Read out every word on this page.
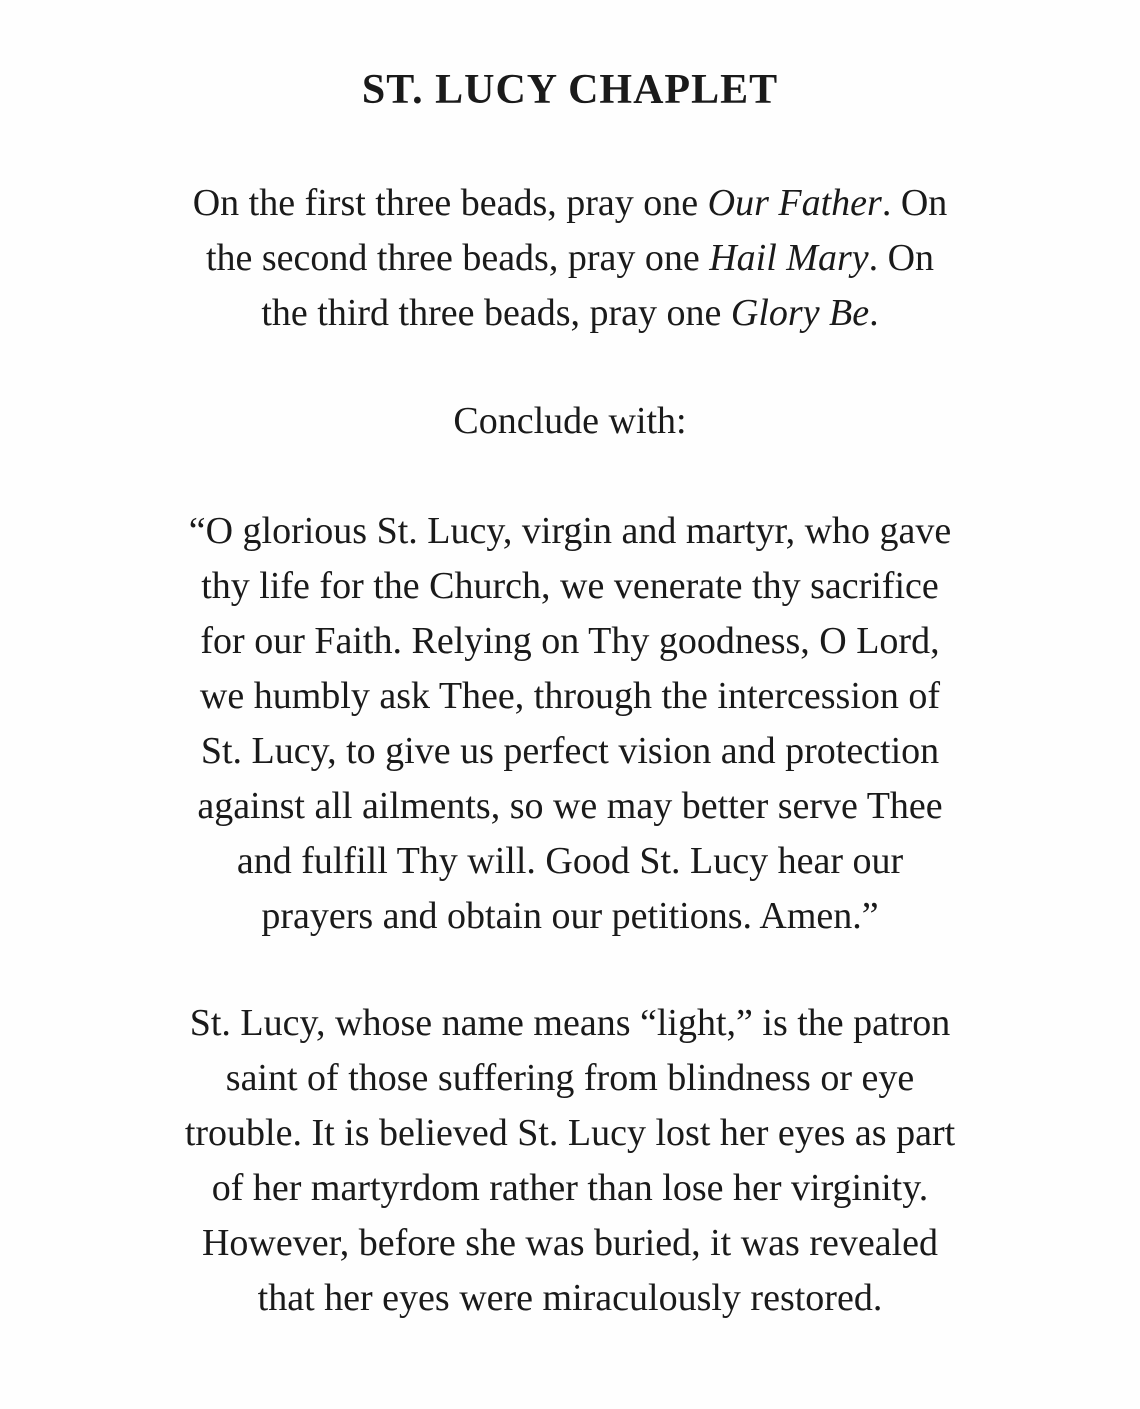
ST. LUCY CHAPLET
On the first three beads, pray one Our Father. On
the second three beads, pray one Hail Mary. On
the third three beads, pray one Glory Be.
Conclude with:
“O glorious St. Lucy, virgin and martyr, who gave
thy life for the Church, we venerate thy sacrifice
for our Faith. Relying on Thy goodness, O Lord,
we humbly ask Thee, through the intercession of
St. Lucy, to give us perfect vision and protection
against all ailments, so we may better serve Thee
and fulfill Thy will. Good St. Lucy hear our
prayers and obtain our petitions. Amen.”
St. Lucy, whose name means “light,” is the patron
saint of those suffering from blindness or eye
trouble. It is believed St. Lucy lost her eyes as part
of her martyrdom rather than lose her virginity.
However, before she was buried, it was revealed
that her eyes were miraculously restored.
